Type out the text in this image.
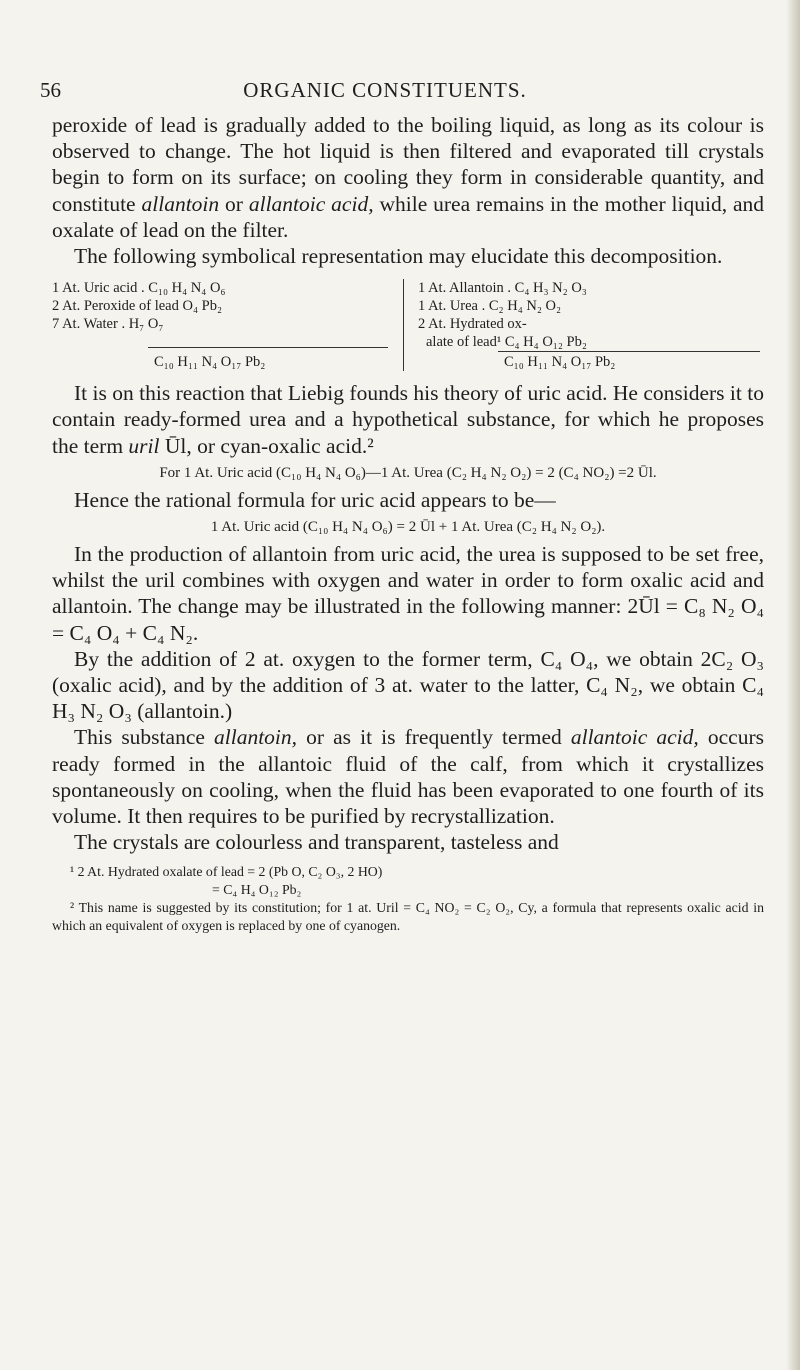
56	ORGANIC CONSTITUENTS.

peroxide of lead is gradually added to the boiling liquid, as long as its colour is observed to change. The hot liquid is then filtered and evaporated till crystals begin to form on its surface; on cooling they form in considerable quantity, and constitute allantoin or allantoic acid, while urea remains in the mother liquid, and oxalate of lead on the filter.

The following symbolical representation may elucidate this decomposition.

1 At. Uric acid . C₁₀ H₄ N₄ O₆
2 At. Peroxide of lead O₄ Pb₂
7 At. Water . H₇ O₇
C₁₀ H₁₁ N₄ O₁₇ Pb₂
1 At. Allantoin . C₄ H₃ N₂ O₃
1 At. Urea . C₂ H₄ N₂ O₂
2 At. Hydrated ox-
alate of lead¹ C₄ H₄ O₁₂ Pb₂
C₁₀ H₁₁ N₄ O₁₇ Pb₂

It is on this reaction that Liebig founds his theory of uric acid. He considers it to contain ready-formed urea and a hypothetical substance, for which he proposes the term uril Ūl, or cyan-oxalic acid.²

For 1 At. Uric acid (C₁₀ H₄ N₄ O₆)—1 At. Urea (C₂ H₄ N₂ O₂) = 2 (C₄ NO₂) =2 Ūl.

Hence the rational formula for uric acid appears to be—

1 At. Uric acid (C₁₀ H₄ N₄ O₆) = 2 Ūl + 1 At. Urea (C₂ H₄ N₂ O₂).

In the production of allantoin from uric acid, the urea is supposed to be set free, whilst the uril combines with oxygen and water in order to form oxalic acid and allantoin. The change may be illustrated in the following manner: 2Ūl = C₈ N₂ O₄ = C₄ O₄ + C₄ N₂.

By the addition of 2 at. oxygen to the former term, C₄ O₄, we obtain 2C₂ O₃ (oxalic acid), and by the addition of 3 at. water to the latter, C₄ N₂, we obtain C₄ H₃ N₂ O₃ (allantoin.)

This substance allantoin, or as it is frequently termed allantoic acid, occurs ready formed in the allantoic fluid of the calf, from which it crystallizes spontaneously on cooling, when the fluid has been evaporated to one fourth of its volume. It then requires to be purified by recrystallization.

The crystals are colourless and transparent, tasteless and

¹ 2 At. Hydrated oxalate of lead = 2 (Pb O, C₂ O₃, 2 HO)
= C₄ H₄ O₁₂ Pb₂
² This name is suggested by its constitution; for 1 at. Uril = C₄ NO₂ = C₂ O₂, Cy, a formula that represents oxalic acid in which an equivalent of oxygen is replaced by one of cyanogen.
